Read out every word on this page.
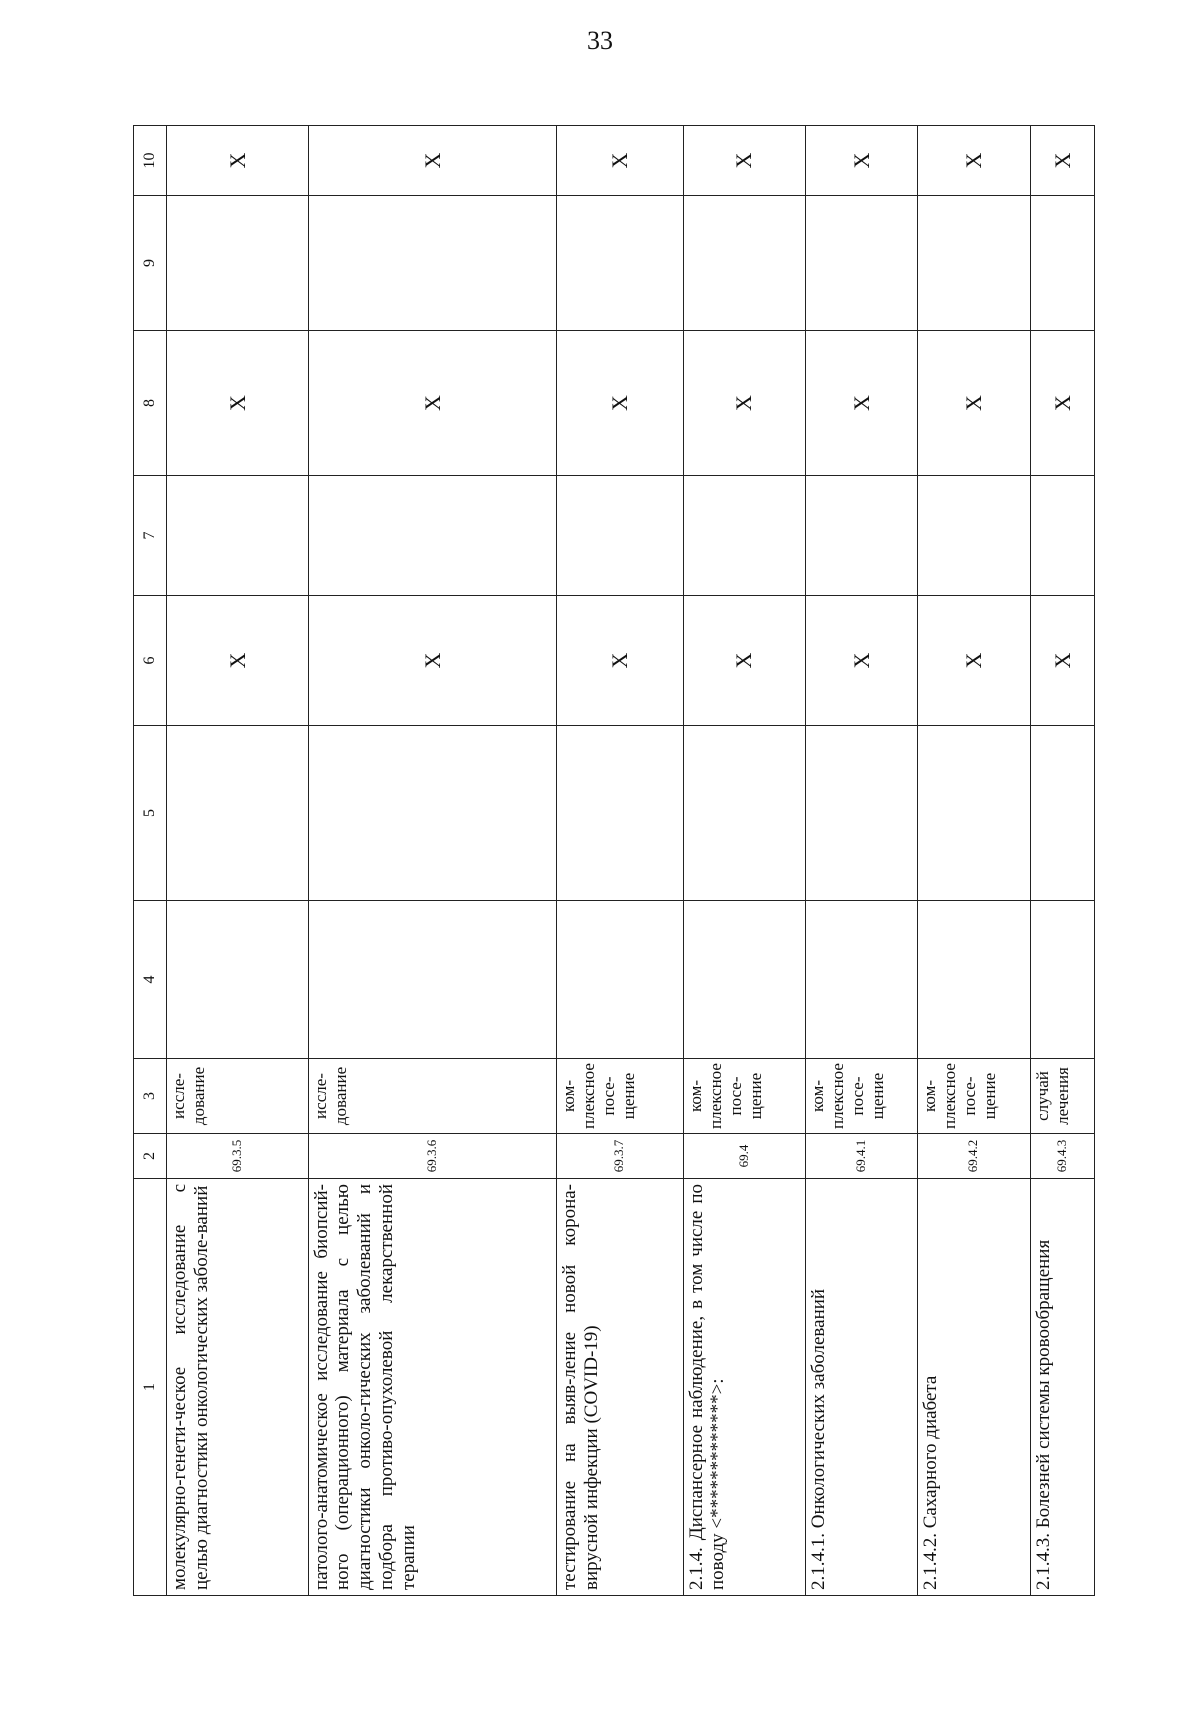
33
1	2	3	4	5	6	7	8	9	10
молекулярно-генети-ческое исследование с целью диагностики онкологических заболе-ваний	69.3.5	иссле-дование			X		X		X
патолого-анатомическое исследование биопсий-ного (операционного) материала с целью диагностики онколо-гических заболеваний и подбора противо-опухолевой лекарственной терапии	69.3.6	иссле-дование			X		X		X
тестирование на выяв-ление новой корона-вирусной инфекции (COVID-19)	69.3.7	ком-плексное посе-щение			X		X		X
2.1.4. Диспансерное наблюдение, в том числе по поводу <*************>:	69.4	ком-плексное посе-щение			X		X		X
2.1.4.1. Онкологических заболеваний	69.4.1	ком-плексное посе-щение			X		X		X
2.1.4.2. Сахарного диабета	69.4.2	ком-плексное посе-щение			X		X		X
2.1.4.3. Болезней системы кровообращения	69.4.3	случай лечения			X		X		X
